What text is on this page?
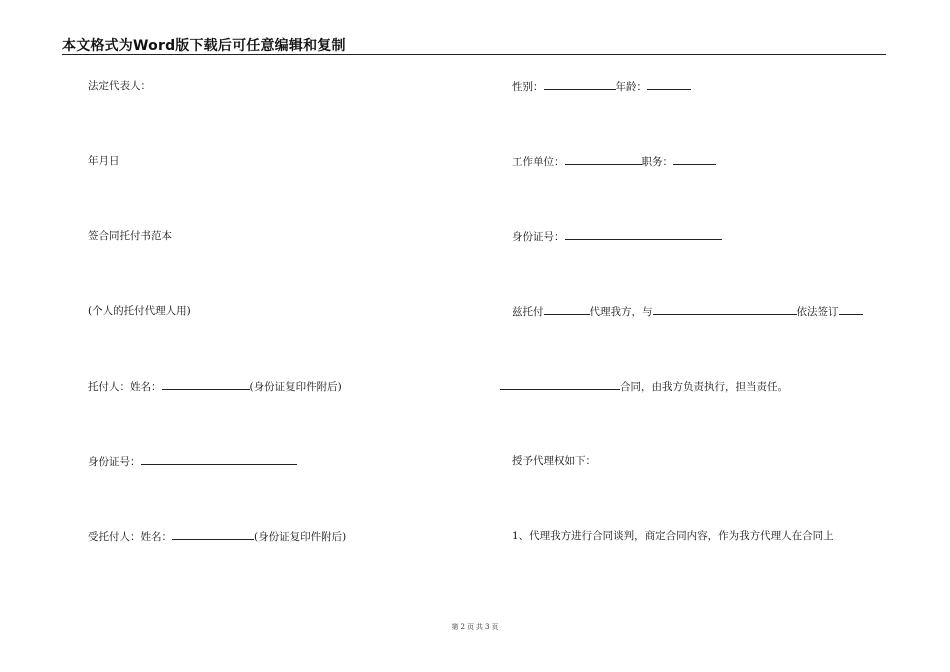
本文格式为Word版下载后可任意编辑和复制
法定代表人：
年月日
签合同托付书范本
(个人的托付代理人用)
托付人：姓名：	(身份证复印件附后)
身份证号：
受托付人：姓名：	(身份证复印件附后)
性别：	年龄：
工作单位：	职务：
身份证号：
兹托付	代理我方，与	依法签订
合同，由我方负责执行，担当责任。
授予代理权如下：
1、代理我方进行合同谈判，商定合同内容，作为我方代理人在合同上
第 2 页 共 3 页
